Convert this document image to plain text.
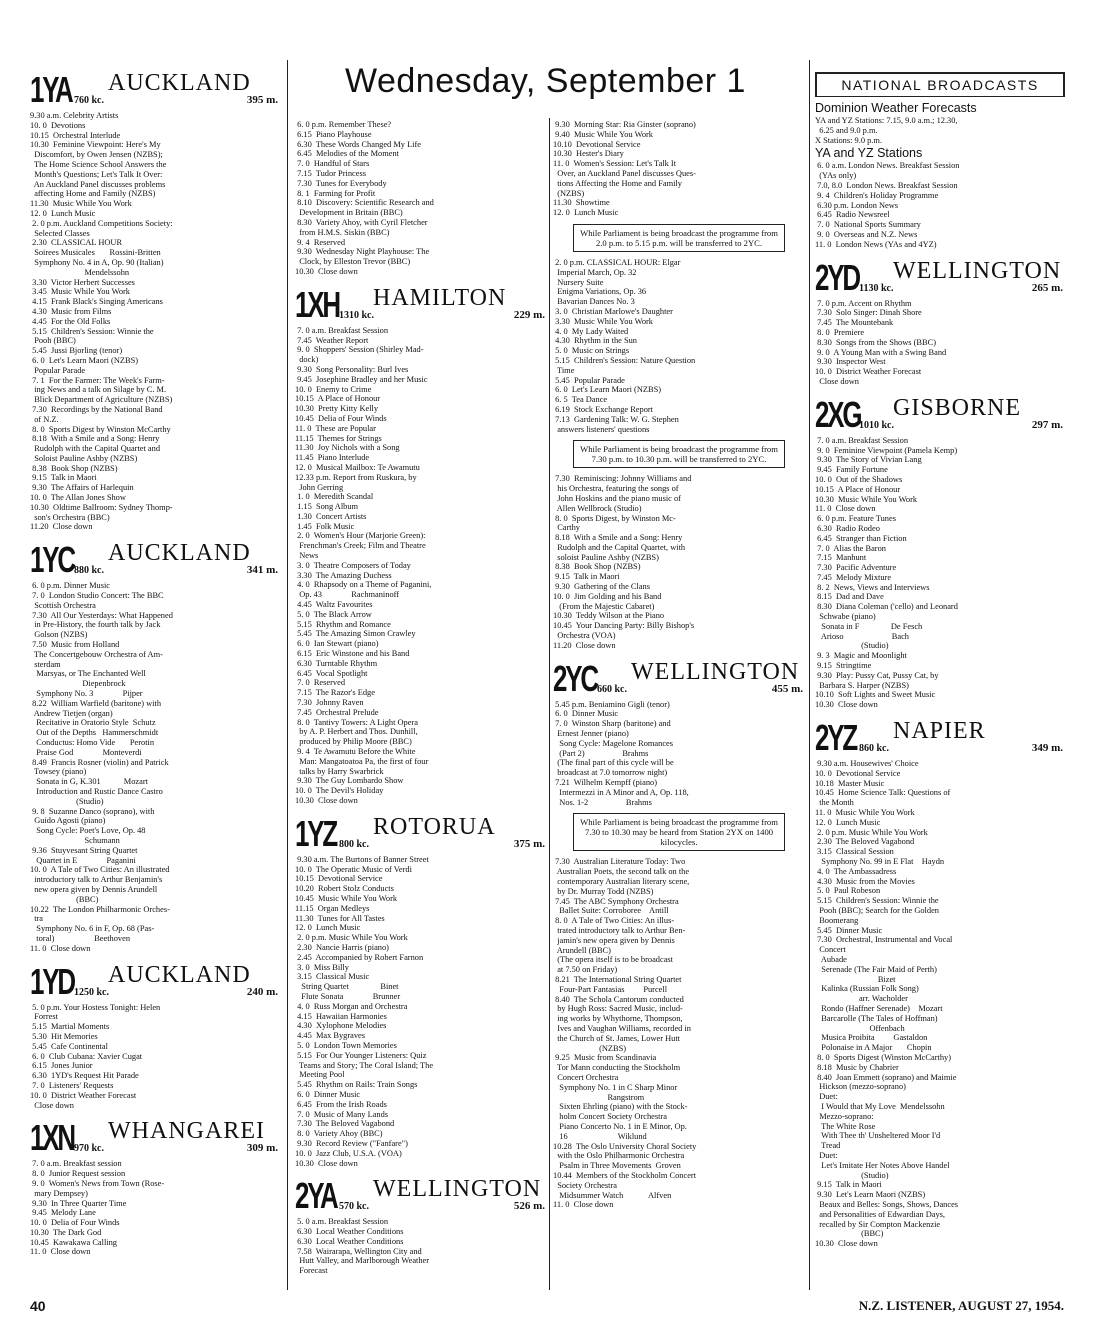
Wednesday, September 1
1YA 760 kc.
AUCKLAND
395 m.
9.30 a.m. Celebrity Artists
10. 0  Devotions
10.15  Orchestral Interlude
10.30  Feminine Viewpoint: Here's My
Discomfort, by Owen Jensen (NZBS);
The Home Science School Answers the
Month's Questions; Let's Talk It Over:
An Auckland Panel discusses problems
affecting Home and Family (NZBS)
11.30  Music While You Work
12. 0  Lunch Music
2. 0 p.m. Auckland Competitions Society:
Selected Classes
2.30  CLASSICAL HOUR
Soirees Musicales       Rossini-Britten
Symphony No. 4 in A, Op. 90 (Italian)
Mendelssohn
3.30  Victor Herbert Successes
3.45  Music While You Work
4.15  Frank Black's Singing Americans
4.30  Music from Films
4.45  For the Old Folks
5.15  Children's Session: Winnie the
Pooh (BBC)
5.45  Jussi Bjorling (tenor)
6. 0  Let's Learn Maori (NZBS)
Popular Parade
7. 1  For the Farmer: The Week's Farm-
ing News and a talk on Silage by C. M.
Blick Department of Agriculture (NZBS)
7.30  Recordings by the National Band
of N.Z.
8. 0  Sports Digest by Winston McCarthy
8.18  With a Smile and a Song: Henry
Rudolph with the Capital Quartet and
Soloist Pauline Ashby (NZBS)
8.38  Book Shop (NZBS)
9.15  Talk in Maori
9.30  The Affairs of Harlequin
10. 0  The Allan Jones Show
10.30  Oldtime Ballroom: Sydney Thomp-
son's Orchestra (BBC)
11.20  Close down
1YC 880 kc.
AUCKLAND
341 m.
6. 0 p.m. Dinner Music
7. 0  London Studio Concert: The BBC
Scottish Orchestra
7.30  All Our Yesterdays: What Happened
in Pre-History, the fourth talk by Jack
Golson (NZBS)
7.50  Music from Holland
The Concertgebouw Orchestra of Am-
sterdam
Marsyas, or The Enchanted Well
Diepenbrock
Symphony No. 3              Pijper
8.22  William Warfield (baritone) with
Andrew Tietjen (organ)
Recitative in Oratorio Style  Schutz
Out of the Depths   Hammerschmidt
Conductus: Homo Vide       Perotin
Praise God              Monteverdi
8.49  Francis Rosner (violin) and Patrick
Towsey (piano)
Sonata in G, K.301           Mozart
Introduction and Rustic Dance Castro
(Studio)
9. 8  Suzanne Danco (soprano), with
Guido Agosti (piano)
Song Cycle: Poet's Love, Op. 48
Schumann
9.36  Stuyvesant String Quartet
Quartet in E              Paganini
10. 0  A Tale of Two Cities: An illustrated
introductory talk to Arthur Benjamin's
new opera given by Dennis Arundell
(BBC)
10.22  The London Philharmonic Orches-
tra
Symphony No. 6 in F, Op. 68 (Pas-
toral)                   Beethoven
11. 0  Close down
1YD 1250 kc.
AUCKLAND
240 m.
5. 0 p.m. Your Hostess Tonight: Helen
Forrest
5.15  Martial Moments
5.30  Hit Memories
5.45  Cafe Continental
6. 0  Club Cubana: Xavier Cugat
6.15  Jones Junior
6.30  1YD's Request Hit Parade
7. 0  Listeners' Requests
10. 0  District Weather Forecast
Close down
1XN 970 kc.
WHANGAREI
309 m.
7. 0 a.m. Breakfast session
8. 0  Junior Request session
9. 0  Women's News from Town (Rose-
mary Dempsey)
9.30  In Three Quarter Time
9.45  Melody Lane
10. 0  Delia of Four Winds
10.30  The Dark God
10.45  Kawakawa Calling
11. 0  Close down
6. 0 p.m. Remember These?
6.15  Piano Playhouse
6.30  These Words Changed My Life
6.45  Melodies of the Moment
7. 0  Handful of Stars
7.15  Tudor Princess
7.30  Tunes for Everybody
8. 1  Farming for Profit
8.10  Discovery: Scientific Research and
Development in Britain (BBC)
8.30  Variety Ahoy, with Cyril Fletcher
from H.M.S. Siskin (BBC)
9. 4  Reserved
9.30  Wednesday Night Playhouse: The
Clock, by Elleston Trevor (BBC)
10.30  Close down
1XH 1310 kc.
HAMILTON
229 m.
7. 0 a.m. Breakfast Session
7.45  Weather Report
9. 0  Shoppers' Session (Shirley Mad-
dock)
9.30  Song Personality: Burl Ives
9.45  Josephine Bradley and her Music
10. 0  Enemy to Crime
10.15  A Place of Honour
10.30  Pretty Kitty Kelly
10.45  Delia of Four Winds
11. 0  These are Popular
11.15  Themes for Strings
11.30  Joy Nichols with a Song
11.45  Piano Interlude
12. 0  Musical Mailbox: Te Awamutu
12.33 p.m. Report from Ruskura, by
John Gerring
1. 0  Meredith Scandal
1.15  Song Album
1.30  Concert Artists
1.45  Folk Music
2. 0  Women's Hour (Marjorie Green):
Frenchman's Creek; Film and Theatre
News
3. 0  Theatre Composers of Today
3.30  The Amazing Duchess
4. 0  Rhapsody on a Theme of Paganini,
Op. 43              Rachmaninoff
4.45  Waltz Favourites
5. 0  The Black Arrow
5.15  Rhythm and Romance
5.45  The Amazing Simon Crawley
6. 0  Ian Stewart (piano)
6.15  Eric Winstone and his Band
6.30  Turntable Rhythm
6.45  Vocal Spotlight
7. 0  Reserved
7.15  The Razor's Edge
7.30  Johnny Raven
7.45  Orchestral Prelude
8. 0  Tantivy Towers: A Light Opera
by A. P. Herbert and Thos. Dunhill,
produced by Philip Moore (BBC)
9. 4  Te Awamutu Before the White
Man: Mangatoatoa Pa, the first of four
talks by Harry Swarbrick
9.30  The Guy Lombardo Show
10. 0  The Devil's Holiday
10.30  Close down
1YZ 800 kc.
ROTORUA
375 m.
9.30 a.m. The Burtons of Banner Street
10. 0  The Operatic Music of Verdi
10.15  Devotional Service
10.20  Robert Stolz Conducts
10.45  Music While You Work
11.15  Organ Medleys
11.30  Tunes for All Tastes
12. 0  Lunch Music
2. 0 p.m. Music While You Work
2.30  Nancie Harris (piano)
2.45  Accompanied by Robert Farnon
3. 0  Miss Billy
3.15  Classical Music
String Quartet               Binet
Flute Sonata              Brunner
4. 0  Russ Morgan and Orchestra
4.15  Hawaiian Harmonies
4.30  Xylophone Melodies
4.45  Max Bygraves
5. 0  London Town Memories
5.15  For Our Younger Listeners: Quiz
Teams and Story; The Coral Island; The
Meeting Pool
5.45  Rhythm on Rails: Train Songs
6. 0  Dinner Music
6.45  From the Irish Roads
7. 0  Music of Many Lands
7.30  The Beloved Vagabond
8. 0  Variety Ahoy (BBC)
9.30  Record Review ("Fanfare")
10. 0  Jazz Club, U.S.A. (VOA)
10.30  Close down
2YA 570 kc.
WELLINGTON
526 m.
5. 0 a.m. Breakfast Session
6.30  Local Weather Conditions
6.30  Local Weather Conditions
7.58  Wairarapa, Wellington City and
Hutt Valley, and Marlborough Weather
Forecast
9.30  Morning Star: Ria Ginster (soprano)
9.40  Music While You Work
10.10  Devotional Service
10.30  Hester's Diary
11. 0  Women's Session: Let's Talk It
Over, an Auckland Panel discusses Ques-
tions Affecting the Home and Family
(NZBS)
11.30  Showtime
12. 0  Lunch Music
While Parliament is being broadcast the programme from 2.0 p.m. to 5.15 p.m. will be transferred to 2YC.
2. 0 p.m. CLASSICAL HOUR: Elgar
Imperial March, Op. 32
Nursery Suite
Enigma Variations, Op. 36
Bavarian Dances No. 3
3. 0  Christian Marlowe's Daughter
3.30  Music While You Work
4. 0  My Lady Waited
4.30  Rhythm in the Sun
5. 0  Music on Strings
5.15  Children's Session: Nature Question
Time
5.45  Popular Parade
6. 0  Let's Learn Maori (NZBS)
6. 5  Tea Dance
6.19  Stock Exchange Report
7.13  Gardening Talk: W. G. Stephen
answers listeners' questions
While Parliament is being broadcast the programme from 7.30 p.m. to 10.30 p.m. will be transferred to 2YC.
7.30  Reminiscing: Johnny Williams and
his Orchestra, featuring the songs of
John Hoskins and the piano music of
Allen Wellbrock (Studio)
8. 0  Sports Digest, by Winston Mc-
Carthy
8.18  With a Smile and a Song: Henry
Rudolph and the Capital Quartet, with
soloist Pauline Ashby (NZBS)
8.38  Book Shop (NZBS)
9.15  Talk in Maori
9.30  Gathering of the Clans
10. 0  Jim Golding and his Band
(From the Majestic Cabaret)
10.30  Teddy Wilson at the Piano
10.45  Your Dancing Party: Billy Bishop's
Orchestra (VOA)
11.20  Close down
2YC 660 kc.
WELLINGTON
455 m.
5.45 p.m. Beniamino Gigli (tenor)
6. 0  Dinner Music
7. 0  Winston Sharp (baritone) and
Ernest Jenner (piano)
Song Cycle: Magelone Romances
(Part 2)                  Brahms
(The final part of this cycle will be
broadcast at 7.0 tomorrow night)
7.21  Wilhelm Kempff (piano)
Intermezzi in A Minor and A, Op. 118,
Nos. 1-2                  Brahms
While Parliament is being broadcast the programme from 7.30 to 10.30 may be heard from Station 2YX on 1400 kilocycles.
7.30  Australian Literature Today: Two
Australian Poets, the second talk on the
contemporary Australian literary scene,
by Dr. Murray Todd (NZBS)
7.45  The ABC Symphony Orchestra
Ballet Suite: Corroboree    Antill
8. 0  A Tale of Two Cities: An illus-
trated introductory talk to Arthur Ben-
jamin's new opera given by Dennis
Arundell (BBC)
(The opera itself is to be broadcast
at 7.50 on Friday)
8.21  The International String Quartet
Four-Part Fantasias         Purcell
8.40  The Schola Cantorum conducted
by Hugh Ross: Sacred Music, includ-
ing works by Whythorne, Thompson,
Ives and Vaughan Williams, recorded in
the Church of St. James, Lower Hutt
(NZBS)
9.25  Music from Scandinavia
Tor Mann conducting the Stockholm
Concert Orchestra
Symphony No. 1 in C Sharp Minor
Rangstrom
Sixten Ehrling (piano) with the Stock-
holm Concert Society Orchestra
Piano Concerto No. 1 in E Minor, Op.
16                        Wiklund
10.28  The Oslo University Choral Society
with the Oslo Philharmonic Orchestra
Psalm in Three Movements  Groven
10.44  Members of the Stockholm Concert
Society Orchestra
Midsummer Watch            Alfven
11. 0  Close down
NATIONAL BROADCASTS
Dominion Weather Forecasts
YA and YZ Stations: 7.15, 9.0 a.m.; 12.30,
6.25 and 9.0 p.m.
X Stations: 9.0 p.m.
YA and YZ Stations
6. 0 a.m. London News. Breakfast Session
(YAs only)
7.0, 8.0  London News. Breakfast Session
9. 4  Children's Holiday Programme
6.30 p.m. London News
6.45  Radio Newsreel
7. 0  National Sports Summary
9. 0  Overseas and N.Z. News
11. 0  London News (YAs and 4YZ)
2YD 1130 kc.
WELLINGTON
265 m.
7. 0 p.m. Accent on Rhythm
7.30  Solo Singer: Dinah Shore
7.45  The Mountebank
8. 0  Premiere
8.30  Songs from the Shows (BBC)
9. 0  A Young Man with a Swing Band
9.30  Inspector West
10. 0  District Weather Forecast
Close down
2XG
1010 kc.
GISBORNE
297 m.
7. 0 a.m. Breakfast Session
9. 0  Feminine Viewpoint (Pamela Kemp)
9.30  The Story of Vivian Lang
9.45  Family Fortune
10. 0  Out of the Shadows
10.15  A Place of Honour
10.30  Music While You Work
11. 0  Close down
6. 0 p.m. Feature Tunes
6.30  Radio Rodeo
6.45  Stranger than Fiction
7. 0  Alias the Baron
7.15  Manhunt
7.30  Pacific Adventure
7.45  Melody Mixture
8. 2  News, Views and Interviews
8.15  Dad and Dave
8.30  Diana Coleman ('cello) and Leonard
Schwabe (piano)
Sonata in F               De Fesch
Arioso                       Bach
(Studio)
9. 3  Magic and Moonlight
9.15  Stringtime
9.30  Play: Pussy Cat, Pussy Cat, by
Barbara S. Harper (NZBS)
10.10  Soft Lights and Sweet Music
10.30  Close down
2YZ 860 kc.
NAPIER
349 m.
9.30 a.m. Housewives' Choice
10. 0  Devotional Service
10.18  Master Music
10.45  Home Science Talk: Questions of
the Month
11. 0  Music While You Work
12. 0  Lunch Music
2. 0 p.m. Music While You Work
2.30  The Beloved Vagabond
3.15  Classical Session
Symphony No. 99 in E Flat    Haydn
4. 0  The Ambassadress
4.30  Music from the Movies
5. 0  Paul Robeson
5.15  Children's Session: Winnie the
Pooh (BBC); Search for the Golden
Boomerang
5.45  Dinner Music
7.30  Orchestral, Instrumental and Vocal
Concert
Aubade
Serenade (The Fair Maid of Perth)
Bizet
Kalinka (Russian Folk Song)
arr. Wacholder
Rondo (Haffner Serenade)    Mozart
Barcarolle (The Tales of Hoffman)
Offenbach
Musica Proibita         Gastaldon
Polonaise in A Major       Chopin
8. 0  Sports Digest (Winston McCarthy)
8.18  Music by Chabrier
8.40  Joan Emmett (soprano) and Maimie
Hickson (mezzo-soprano)
Duet:
I Would that My Love  Mendelssohn
Mezzo-soprano:
The White Rose
With Thee th' Unsheltered Moor I'd
Tread
Duet:
Let's Imitate Her Notes Above Handel
(Studio)
9.15  Talk in Maori
9.30  Let's Learn Maori (NZBS)
Beaux and Belles: Songs, Shows, Dances
and Personalities of Edwardian Days,
recalled by Sir Compton Mackenzie
(BBC)
10.30  Close down
40	N.Z. LISTENER, AUGUST 27, 1954.
